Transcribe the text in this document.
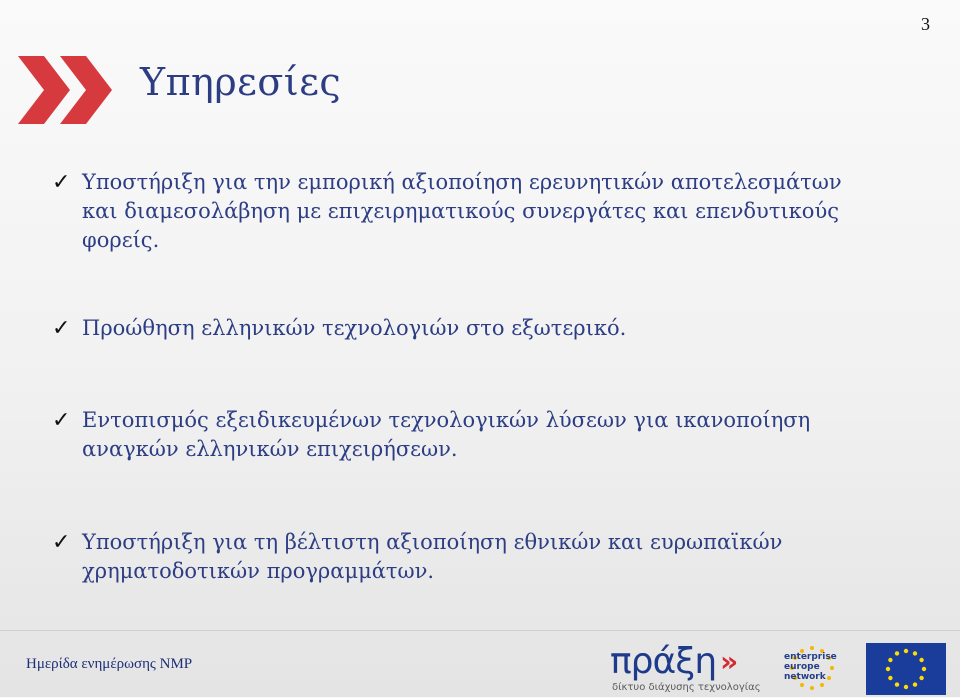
3
Υπηρεσίες
✓ Υποστήριξη για την εμπορική αξιοποίηση ερευνητικών αποτελεσμάτων
και διαμεσολάβηση με επιχειρηματικούς συνεργάτες και επενδυτικούς
φορείς.
✓ Προώθηση ελληνικών τεχνολογιών στο εξωτερικό.
✓ Εντοπισμός εξειδικευμένων τεχνολογικών λύσεων για ικανοποίηση
αναγκών ελληνικών επιχειρήσεων.
✓ Υποστήριξη για τη βέλτιστη αξιοποίηση εθνικών και ευρωπαϊκών
χρηματοδοτικών προγραμμάτων.
Ημερίδα ενημέρωσης NMP	πράξη »
δίκτυο διάχυσης τεχνολογίας
enterprise
europe
network
